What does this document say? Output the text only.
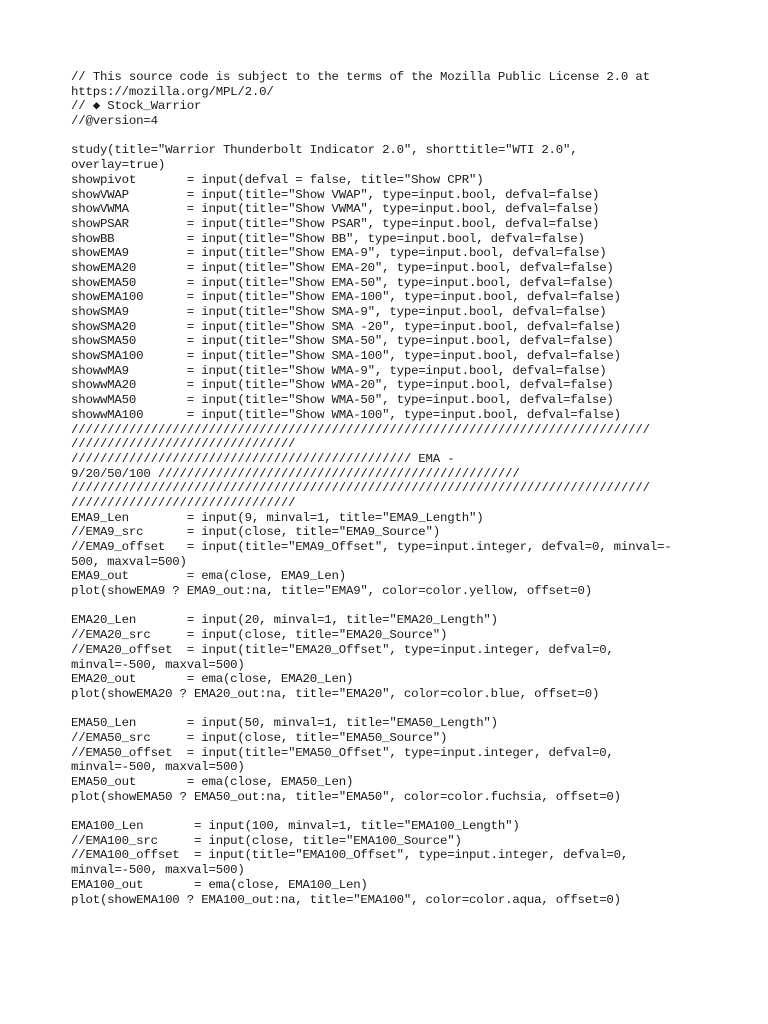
// This source code is subject to the terms of the Mozilla Public License 2.0 at
https://mozilla.org/MPL/2.0/
// ◆ Stock_Warrior
//@version=4
study(title="Warrior Thunderbolt Indicator 2.0", shorttitle="WTI 2.0",
overlay=true)
showpivot       = input(defval = false, title="Show CPR")
showVWAP        = input(title="Show VWAP", type=input.bool, defval=false)
showVWMA        = input(title="Show VWMA", type=input.bool, defval=false)
showPSAR        = input(title="Show PSAR", type=input.bool, defval=false)
showBB          = input(title="Show BB", type=input.bool, defval=false)
showEMA9        = input(title="Show EMA-9", type=input.bool, defval=false)
showEMA20       = input(title="Show EMA-20", type=input.bool, defval=false)
showEMA50       = input(title="Show EMA-50", type=input.bool, defval=false)
showEMA100      = input(title="Show EMA-100", type=input.bool, defval=false)
showSMA9        = input(title="Show SMA-9", type=input.bool, defval=false)
showSMA20       = input(title="Show SMA -20", type=input.bool, defval=false)
showSMA50       = input(title="Show SMA-50", type=input.bool, defval=false)
showSMA100      = input(title="Show SMA-100", type=input.bool, defval=false)
showwMA9        = input(title="Show WMA-9", type=input.bool, defval=false)
showwMA20       = input(title="Show WMA-20", type=input.bool, defval=false)
showwMA50       = input(title="Show WMA-50", type=input.bool, defval=false)
showwMA100      = input(title="Show WMA-100", type=input.bool, defval=false)
////////////////////////////////////////////////////////////////////////////////
///////////////////////////////
/////////////////////////////////////////////// EMA -
9/20/50/100 //////////////////////////////////////////////////
////////////////////////////////////////////////////////////////////////////////
///////////////////////////////
EMA9_Len        = input(9, minval=1, title="EMA9_Length")
//EMA9_src      = input(close, title="EMA9_Source")
//EMA9_offset   = input(title="EMA9_Offset", type=input.integer, defval=0, minval=-
500, maxval=500)
EMA9_out        = ema(close, EMA9_Len)
plot(showEMA9 ? EMA9_out:na, title="EMA9", color=color.yellow, offset=0)
EMA20_Len       = input(20, minval=1, title="EMA20_Length")
//EMA20_src     = input(close, title="EMA20_Source")
//EMA20_offset  = input(title="EMA20_Offset", type=input.integer, defval=0,
minval=-500, maxval=500)
EMA20_out       = ema(close, EMA20_Len)
plot(showEMA20 ? EMA20_out:na, title="EMA20", color=color.blue, offset=0)
EMA50_Len       = input(50, minval=1, title="EMA50_Length")
//EMA50_src     = input(close, title="EMA50_Source")
//EMA50_offset  = input(title="EMA50_Offset", type=input.integer, defval=0,
minval=-500, maxval=500)
EMA50_out       = ema(close, EMA50_Len)
plot(showEMA50 ? EMA50_out:na, title="EMA50", color=color.fuchsia, offset=0)
EMA100_Len       = input(100, minval=1, title="EMA100_Length")
//EMA100_src     = input(close, title="EMA100_Source")
//EMA100_offset  = input(title="EMA100_Offset", type=input.integer, defval=0,
minval=-500, maxval=500)
EMA100_out       = ema(close, EMA100_Len)
plot(showEMA100 ? EMA100_out:na, title="EMA100", color=color.aqua, offset=0)
